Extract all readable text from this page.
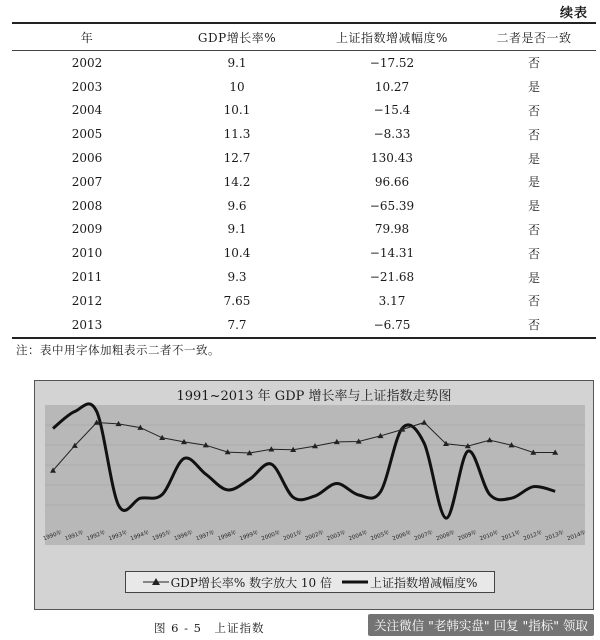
续表
年	GDP增长率%	上证指数增减幅度%	二者是否一致
2002	9.1	−17.52	否
2003	10	10.27	是
2004	10.1	−15.4	否
2005	11.3	−8.33	否
2006	12.7	130.43	是
2007	14.2	96.66	是
2008	9.6	−65.39	是
2009	9.1	79.98	否
2010	10.4	−14.31	否
2011	9.3	−21.68	是
2012	7.65	3.17	否
2013	7.7	−6.75	否
注：表中用字体加粗表示二者不一致。
1991~2013 年 GDP 增长率与上证指数走势图
1990年 1991年 1992年 1993年 1994年 1995年 1996年 1997年 1998年 1999年 2000年 2001年 2002年 2003年 2004年 2005年 2006年 2007年 2008年 2009年 2010年 2011年 2012年 2013年 2014年
GDP增长率% 数字放大 10 倍	上证指数增减幅度%
图 6 - 5　上证指数	关注微信 "老韩实盘" 回复 "指标" 领取
